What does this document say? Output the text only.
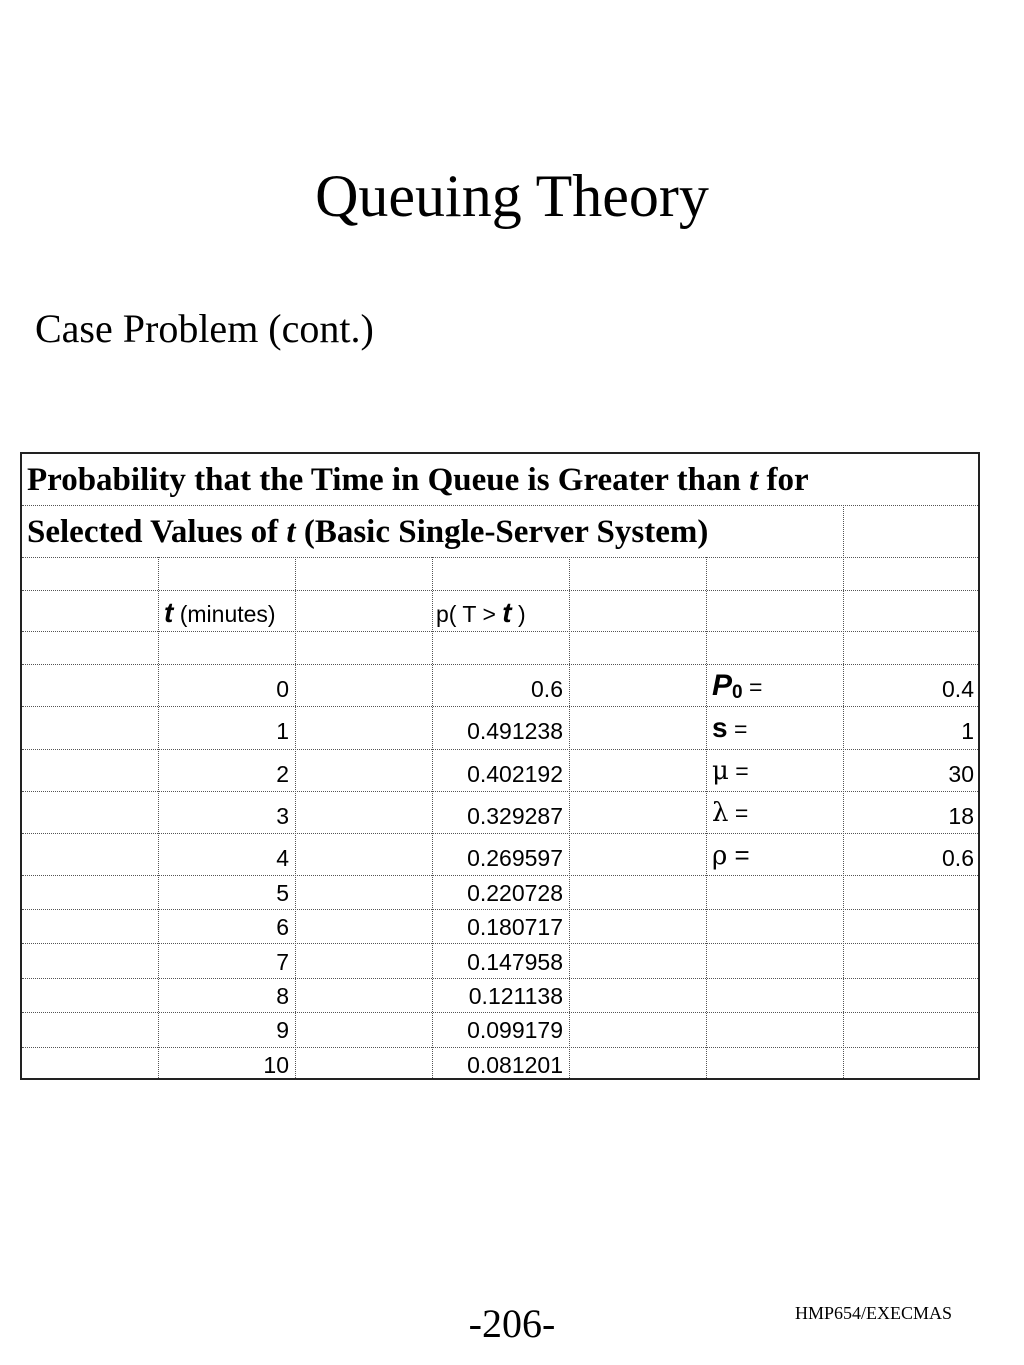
Queuing Theory
Case Problem (cont.)
Probability that the Time in Queue is Greater than t for
Selected Values of t (Basic Single-Server System)
t (minutes)	p( T > t )
0	0.6
1	0.491238
2	0.402192
3	0.329287
4	0.269597
5	0.220728
6	0.180717
7	0.147958
8	0.121138
9	0.099179
10	0.081201
P0 =	0.4
s =	1
μ =	30
λ =	18
ρ =	0.6
-206-	HMP654/EXECMAS
